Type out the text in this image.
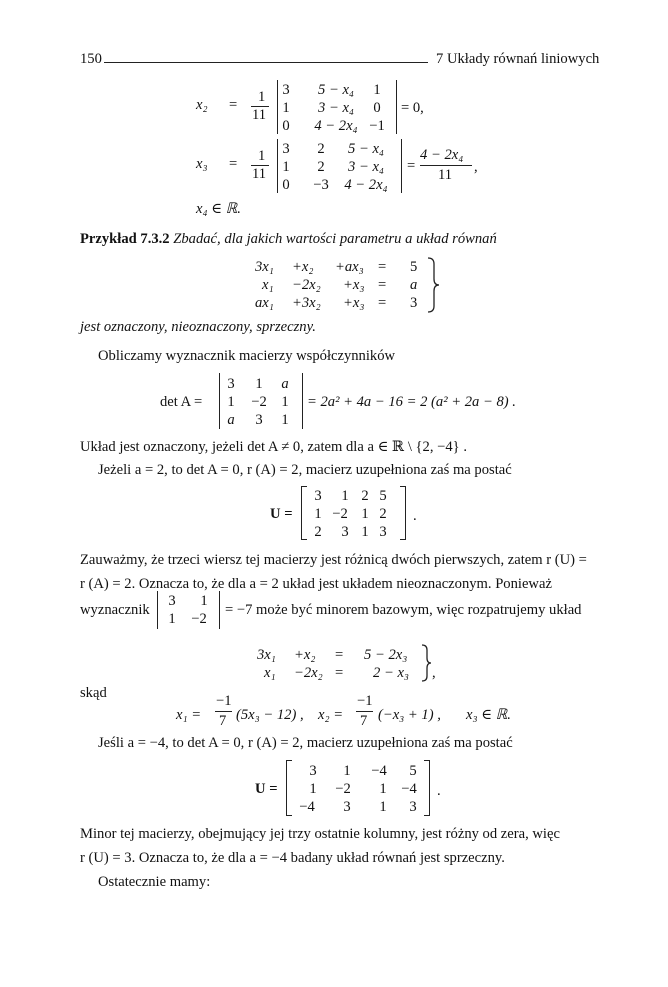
150	7 Układy równań liniowych
x₂ = 1
11
3	5 − x₄	1
1	3 − x₄	0
0	4 − 2x₄ −1
= 0,
x₃ = 1
11
3	2	5 − x₄
1	2	3 − x₄
0	−3	4 − 2x₄
=
4 − 2x₄
11 ,
x₄ ∈ ℝ.
Przykład 7.3.2 Zbadać, dla jakich wartości parametru a układ równań
3x₁ +x₂ +ax₃ = 5
x₁ −2x₂ +x₃ = a
ax₁ +3x₂ +x₃ = 3
jest oznaczony, nieoznaczony, sprzeczny.
Obliczamy wyznacznik macierzy współczynników
det A =
3	1	a
1	−2 1
a	3	1
= 2a² + 4a − 16 = 2 (a² + 2a − 8) .
Układ jest oznaczony, jeżeli det A ≠ 0, zatem dla a ∈ ℝ \ {2, −4} .
Jeżeli a = 2, to det A = 0, r (A) = 2, macierz uzupełniona zaś ma postać
U =
3	1 2 5
1 −2 1 2
2	3 1 3
.
Zauważmy, że trzeci wiersz tej macierzy jest różnicą dwóch pierwszych, zatem r (U) =
r (A) = 2. Oznacza to, że dla a = 2 układ jest układem nieoznaczonym. Ponieważ
wyznacznik
3	1
1	−2
= −7 może być minorem bazowym, więc rozpatrujemy układ
3x₁ +x₂ = 5 − 2x₃
x₁ −2x₂ = 2 − x₃ ,
skąd
x₁ =
−1
7 (5x₃ − 12) , x₂ =
−1
7 (−x₃ + 1) , x₃ ∈ ℝ.
Jeśli a = −4, to det A = 0, r (A) = 2, macierz uzupełniona zaś ma postać
U =
3	1	−4	5
1	−2	1 −4
−4	3	1	3
.
Minor tej macierzy, obejmujący jej trzy ostatnie kolumny, jest różny od zera, więc
r (U) = 3. Oznacza to, że dla a = −4 badany układ równań jest sprzeczny.
Ostatecznie mamy:
